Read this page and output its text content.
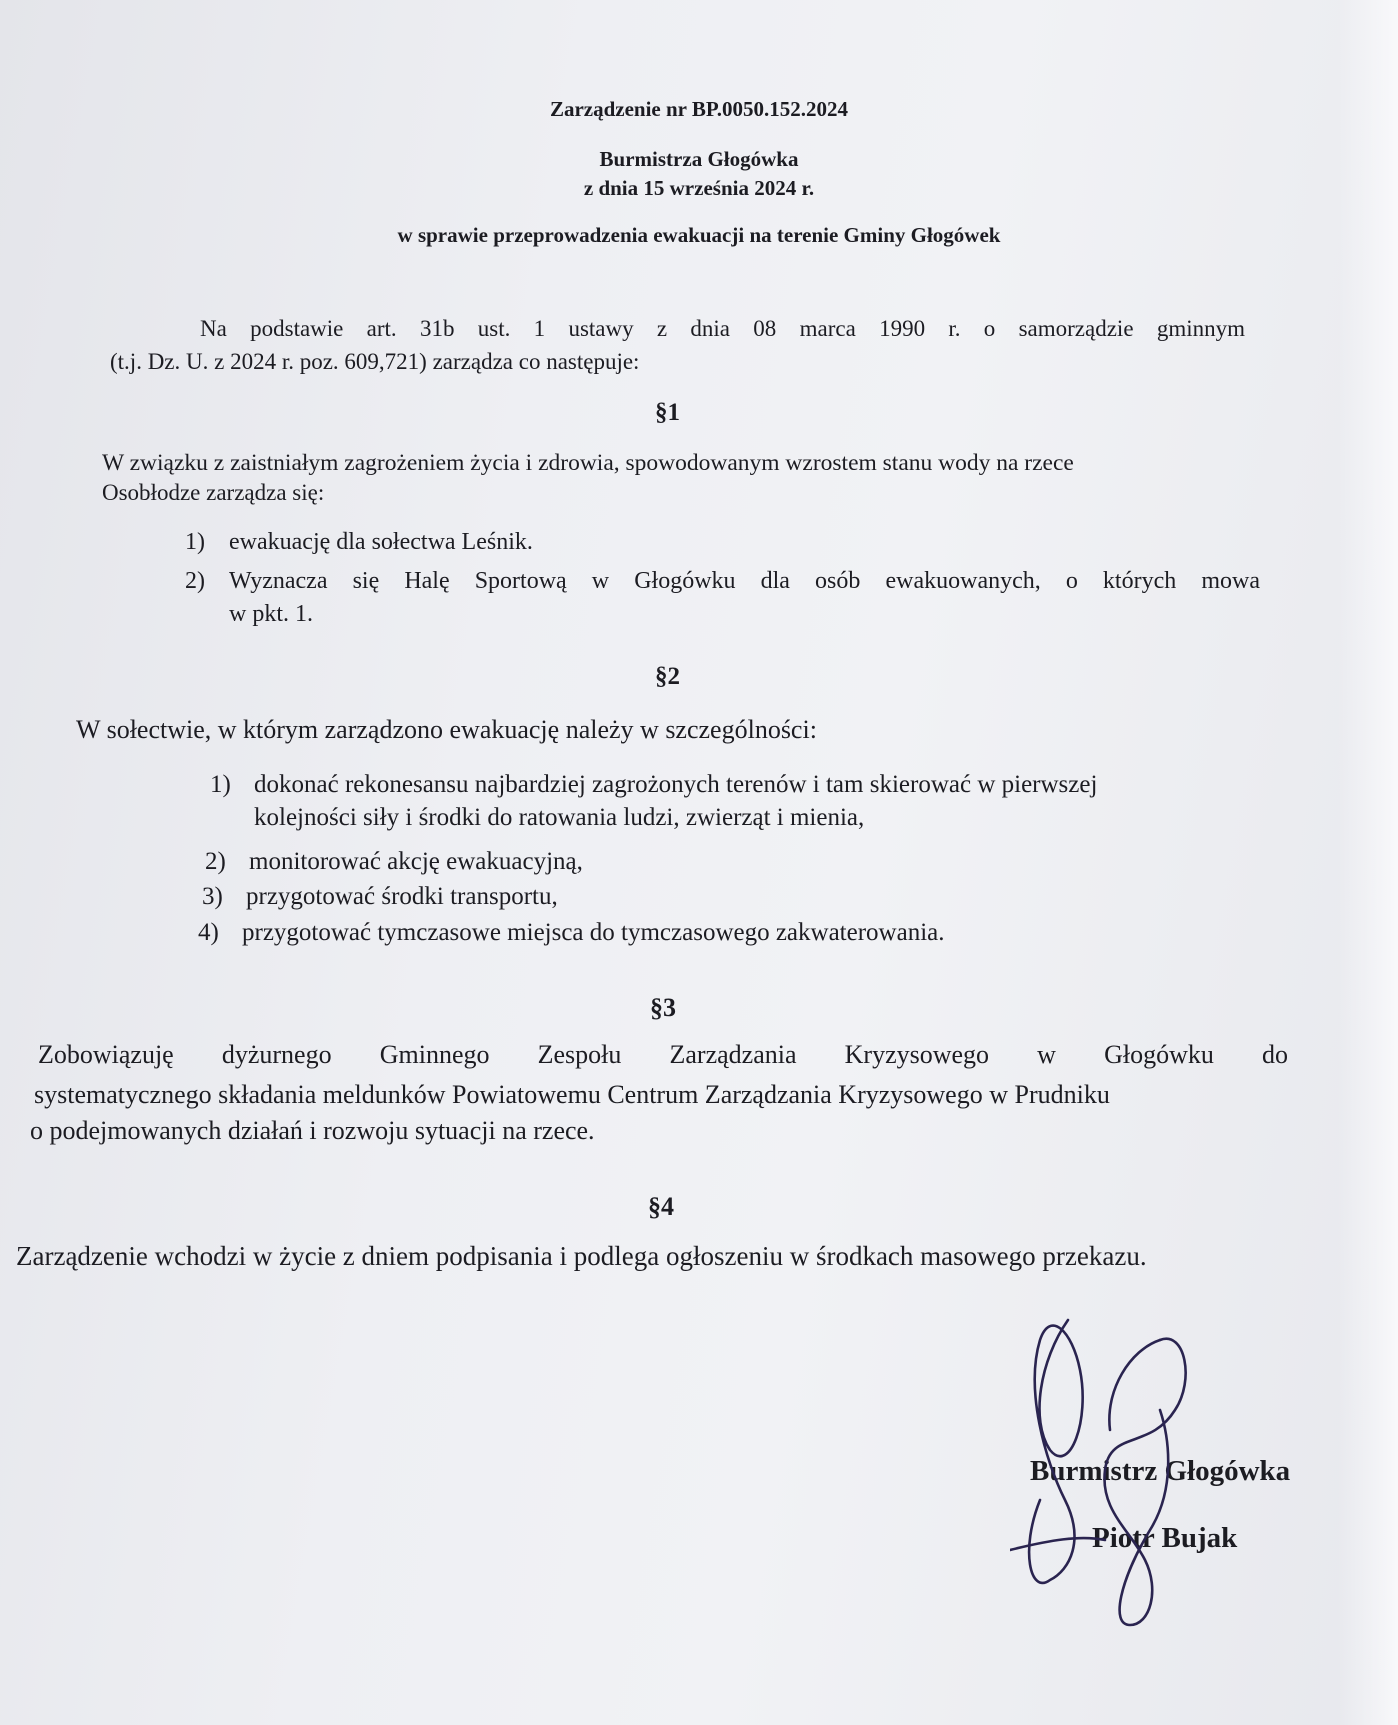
Zarządzenie nr BP.0050.152.2024
Burmistrza Głogówka
z dnia 15 września 2024 r.
w sprawie przeprowadzenia ewakuacji na terenie Gminy Głogówek
Na podstawie art. 31b ust. 1 ustawy z dnia 08 marca 1990 r. o samorządzie gminnym
(t.j. Dz. U. z 2024 r. poz. 609,721) zarządza co następuje:
§1
W związku z zaistniałym zagrożeniem życia i zdrowia, spowodowanym wzrostem stanu wody na rzece
Osobłodze zarządza się:
1) ewakuację dla sołectwa Leśnik.
2)	Wyznacza się Halę Sportową w Głogówku dla osób ewakuowanych, o których mowa
w pkt. 1.
§2
W sołectwie, w którym zarządzono ewakuację należy w szczególności:
1) dokonać rekonesansu najbardziej zagrożonych terenów i tam skierować w pierwszej
kolejności siły i środki do ratowania ludzi, zwierząt i mienia,
2) monitorować akcję ewakuacyjną,
3) przygotować środki transportu,
4) przygotować tymczasowe miejsca do tymczasowego zakwaterowania.
§3
Zobowiązuję dyżurnego Gminnego Zespołu Zarządzania Kryzysowego w Głogówku do
systematycznego składania meldunków Powiatowemu Centrum Zarządzania Kryzysowego w Prudniku
o podejmowanych działań i rozwoju sytuacji na rzece.
§4
Zarządzenie wchodzi w życie z dniem podpisania i podlega ogłoszeniu w środkach masowego przekazu.
Burmistrz Głogówka
Piotr Bujak
